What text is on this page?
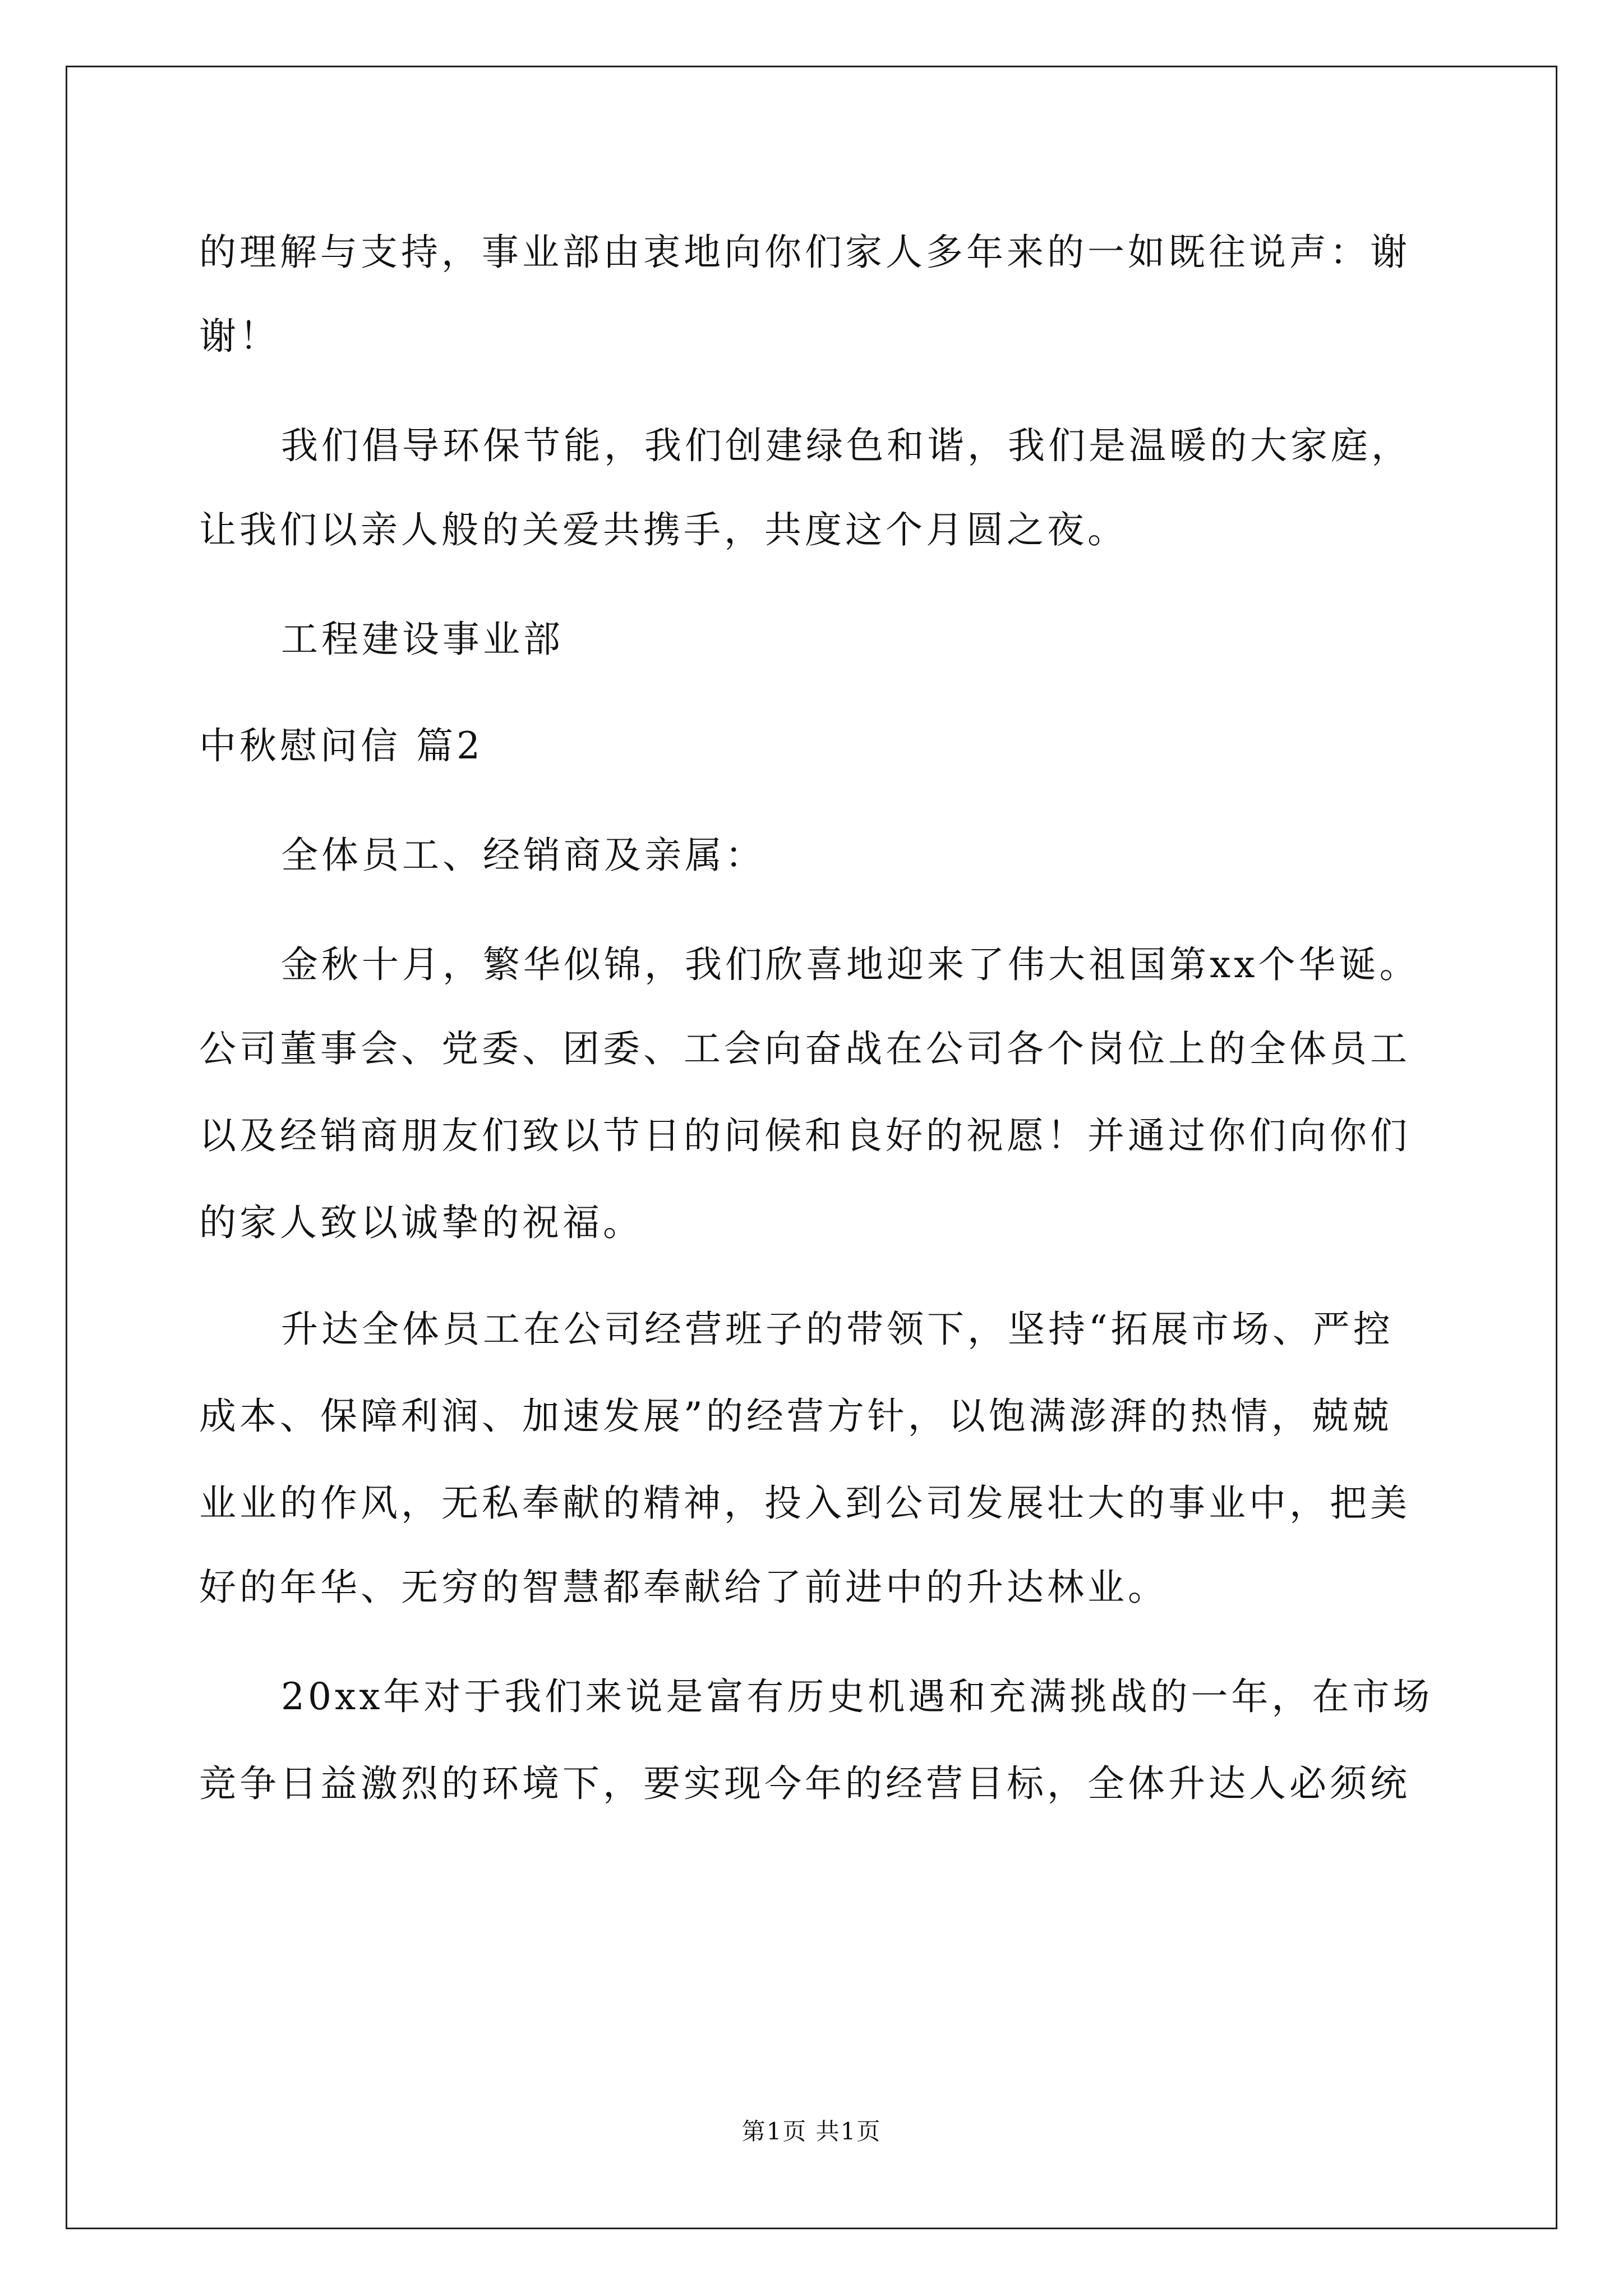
的理解与支持，事业部由衷地向你们家人多年来的一如既往说声：谢
谢！
我们倡导环保节能，我们创建绿色和谐，我们是温暖的大家庭，
让我们以亲人般的关爱共携手，共度这个月圆之夜。
工程建设事业部
中秋慰问信 篇2
全体员工、经销商及亲属：
金秋十月，繁华似锦，我们欣喜地迎来了伟大祖国第xx个华诞。
公司董事会、党委、团委、工会向奋战在公司各个岗位上的全体员工
以及经销商朋友们致以节日的问候和良好的祝愿！并通过你们向你们
的家人致以诚挚的祝福。
升达全体员工在公司经营班子的带领下，坚持“拓展市场、严控
成本、保障利润、加速发展”的经营方针，以饱满澎湃的热情，兢兢
业业的作风，无私奉献的精神，投入到公司发展壮大的事业中，把美
好的年华、无穷的智慧都奉献给了前进中的升达林业。
20xx年对于我们来说是富有历史机遇和充满挑战的一年，在市场
竞争日益激烈的环境下，要实现今年的经营目标，全体升达人必须统
第1页 共1页
